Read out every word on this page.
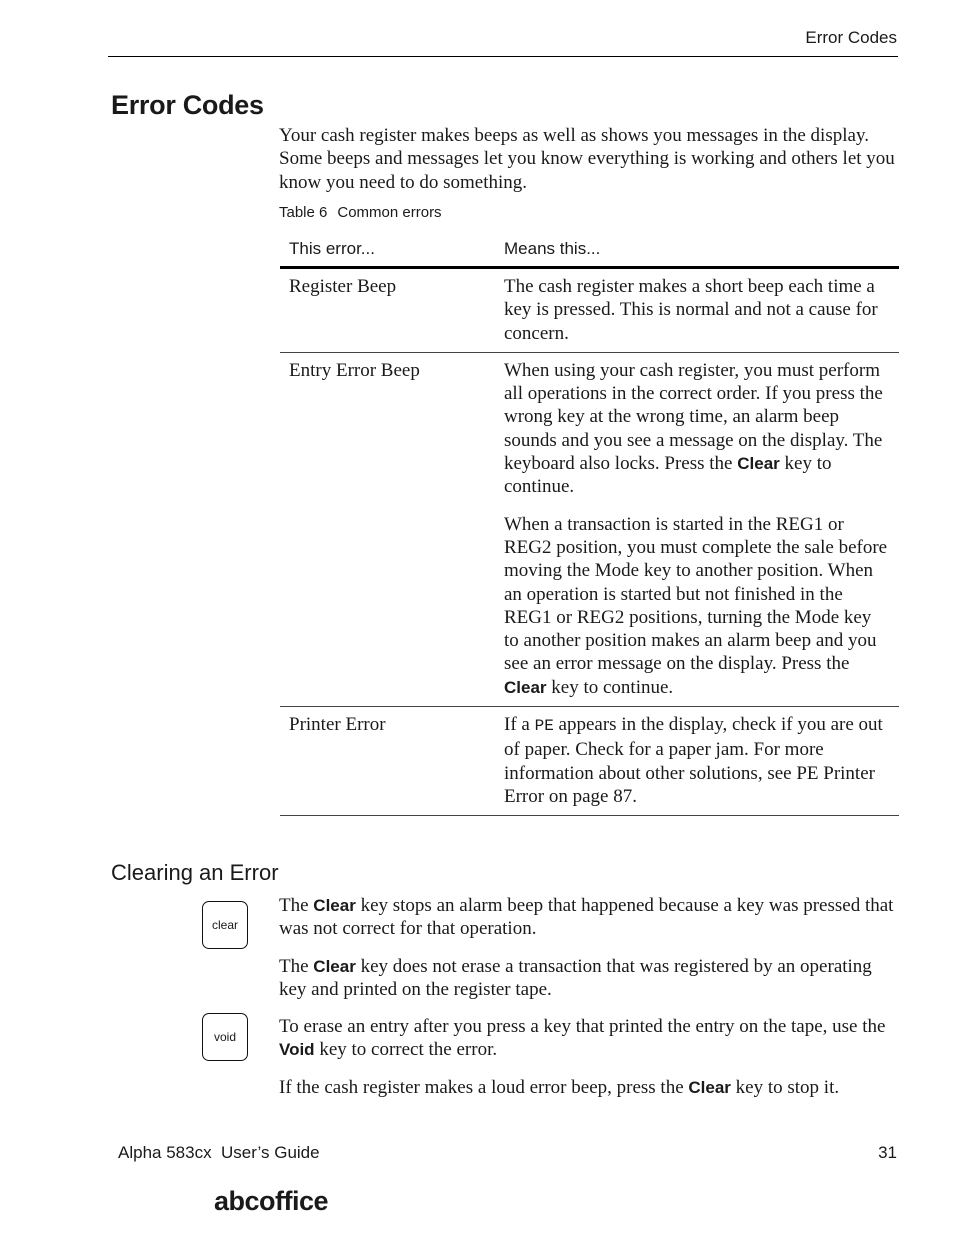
Error Codes
Error Codes
Your cash register makes beeps as well as shows you messages in the display. Some beeps and messages let you know everything is working and others let you know you need to do something.
Table 6 Common errors
This error...	Means this...
Register Beep	The cash register makes a short beep each time a key is pressed. This is normal and not a cause for concern.
Entry Error Beep	When using your cash register, you must perform all operations in the correct order. If you press the wrong key at the wrong time, an alarm beep sounds and you see a message on the display. The keyboard also locks. Press the Clear key to continue.

When a transaction is started in the REG1 or REG2 position, you must complete the sale before moving the Mode key to another position. When an operation is started but not finished in the REG1 or REG2 positions, turning the Mode key to another position makes an alarm beep and you see an error message on the display. Press the Clear key to continue.

Printer Error	If a PE appears in the display, check if you are out of paper. Check for a paper jam. For more information about other solutions, see PE Printer Error on page 87.
Clearing an Error
clear
void

The Clear key stops an alarm beep that happened because a key was pressed that was not correct for that operation.

The Clear key does not erase a transaction that was registered by an operating key and printed on the register tape.

To erase an entry after you press a key that printed the entry on the tape, use the Void key to correct the error.

If the cash register makes a loud error beep, press the Clear key to stop it.

Alpha 583cx  User’s Guide	31
abcoffice
